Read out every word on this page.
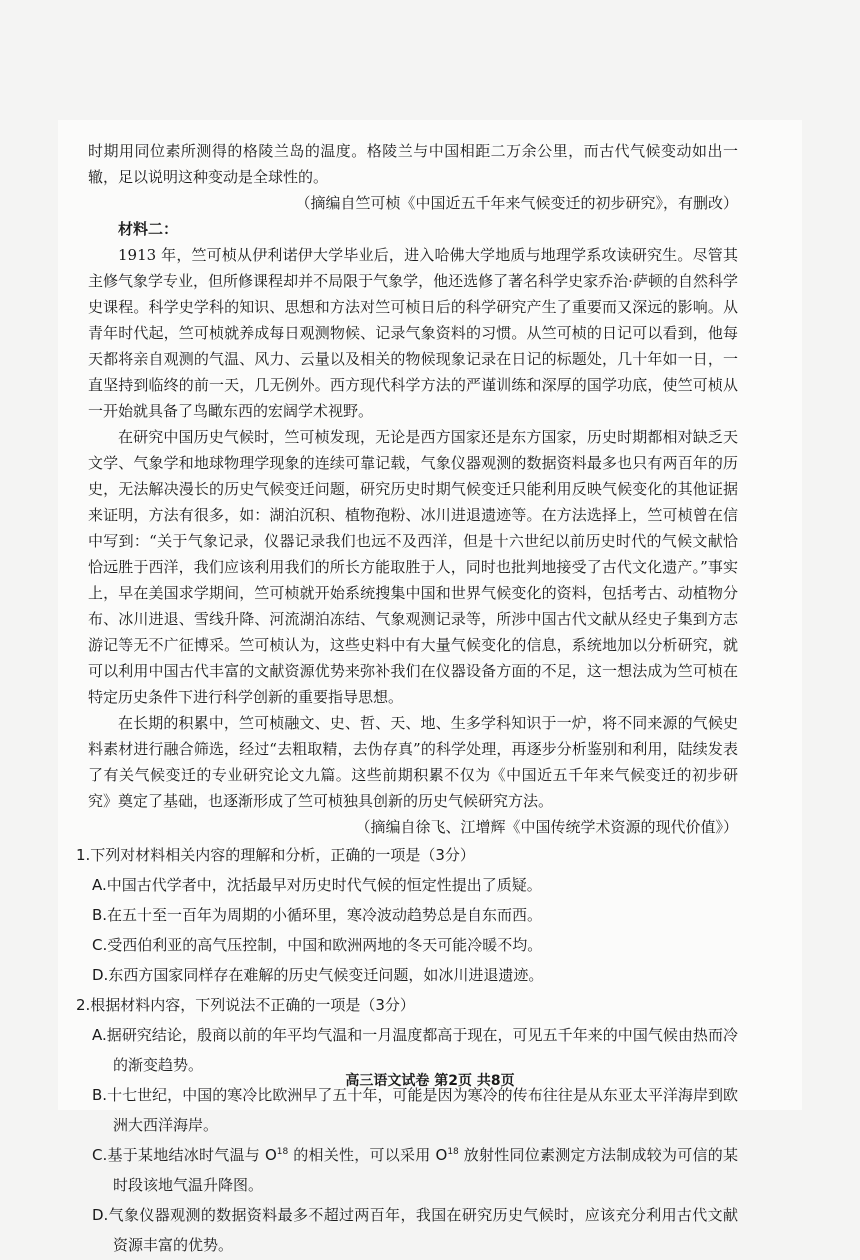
时期用同位素所测得的格陵兰岛的温度。格陵兰与中国相距二万余公里，而古代气候变动如出一辙，足以说明这种变动是全球性的。

（摘编自竺可桢《中国近五千年来气候变迁的初步研究》，有删改）

材料二：

1913 年，竺可桢从伊利诺伊大学毕业后，进入哈佛大学地质与地理学系攻读研究生。尽管其主修气象学专业，但所修课程却并不局限于气象学，他还选修了著名科学史家乔治·萨顿的自然科学史课程。科学史学科的知识、思想和方法对竺可桢日后的科学研究产生了重要而又深远的影响。从青年时代起，竺可桢就养成每日观测物候、记录气象资料的习惯。从竺可桢的日记可以看到，他每天都将亲自观测的气温、风力、云量以及相关的物候现象记录在日记的标题处，几十年如一日，一直坚持到临终的前一天，几无例外。西方现代科学方法的严谨训练和深厚的国学功底，使竺可桢从一开始就具备了鸟瞰东西的宏阔学术视野。

在研究中国历史气候时，竺可桢发现，无论是西方国家还是东方国家，历史时期都相对缺乏天文学、气象学和地球物理学现象的连续可靠记载，气象仪器观测的数据资料最多也只有两百年的历史，无法解决漫长的历史气候变迁问题，研究历史时期气候变迁只能利用反映气候变化的其他证据来证明，方法有很多，如：湖泊沉积、植物孢粉、冰川进退遗迹等。在方法选择上，竺可桢曾在信中写到：“关于气象记录，仪器记录我们也远不及西洋，但是十六世纪以前历史时代的气候文献恰恰远胜于西洋，我们应该利用我们的所长方能取胜于人，同时也批判地接受了古代文化遗产。”事实上，早在美国求学期间，竺可桢就开始系统搜集中国和世界气候变化的资料，包括考古、动植物分布、冰川进退、雪线升降、河流湖泊冻结、气象观测记录等，所涉中国古代文献从经史子集到方志游记等无不广征博采。竺可桢认为，这些史料中有大量气候变化的信息，系统地加以分析研究，就可以利用中国古代丰富的文献资源优势来弥补我们在仪器设备方面的不足，这一想法成为竺可桢在特定历史条件下进行科学创新的重要指导思想。

在长期的积累中，竺可桢融文、史、哲、天、地、生多学科知识于一炉，将不同来源的气候史料素材进行融合筛选，经过“去粗取精，去伪存真”的科学处理，再逐步分析鉴别和利用，陆续发表了有关气候变迁的专业研究论文九篇。这些前期积累不仅为《中国近五千年来气候变迁的初步研究》奠定了基础，也逐渐形成了竺可桢独具创新的历史气候研究方法。

（摘编自徐飞、江增辉《中国传统学术资源的现代价值》）

1.下列对材料相关内容的理解和分析，正确的一项是（3分）

A.中国古代学者中，沈括最早对历史时代气候的恒定性提出了质疑。

B.在五十至一百年为周期的小循环里，寒冷波动趋势总是自东而西。

C.受西伯利亚的高气压控制，中国和欧洲两地的冬天可能冷暖不均。

D.东西方国家同样存在难解的历史气候变迁问题，如冰川进退遗迹。

2.根据材料内容，下列说法不正确的一项是（3分）

A.据研究结论，殷商以前的年平均气温和一月温度都高于现在，可见五千年来的中国气候由热而冷的渐变趋势。

B.十七世纪，中国的寒冷比欧洲早了五十年，可能是因为寒冷的传布往往是从东亚太平洋海岸到欧洲大西洋海岸。

C.基于某地结冰时气温与 $O^{18}$ 的相关性，可以采用 $O^{18}$ 放射性同位素测定方法制成较为可信的某时段该地气温升降图。

D.气象仪器观测的数据资料最多不超过两百年，我国在研究历史气候时，应该充分利用古代文献资源丰富的优势。

高三语文试卷 第2页 共8页
